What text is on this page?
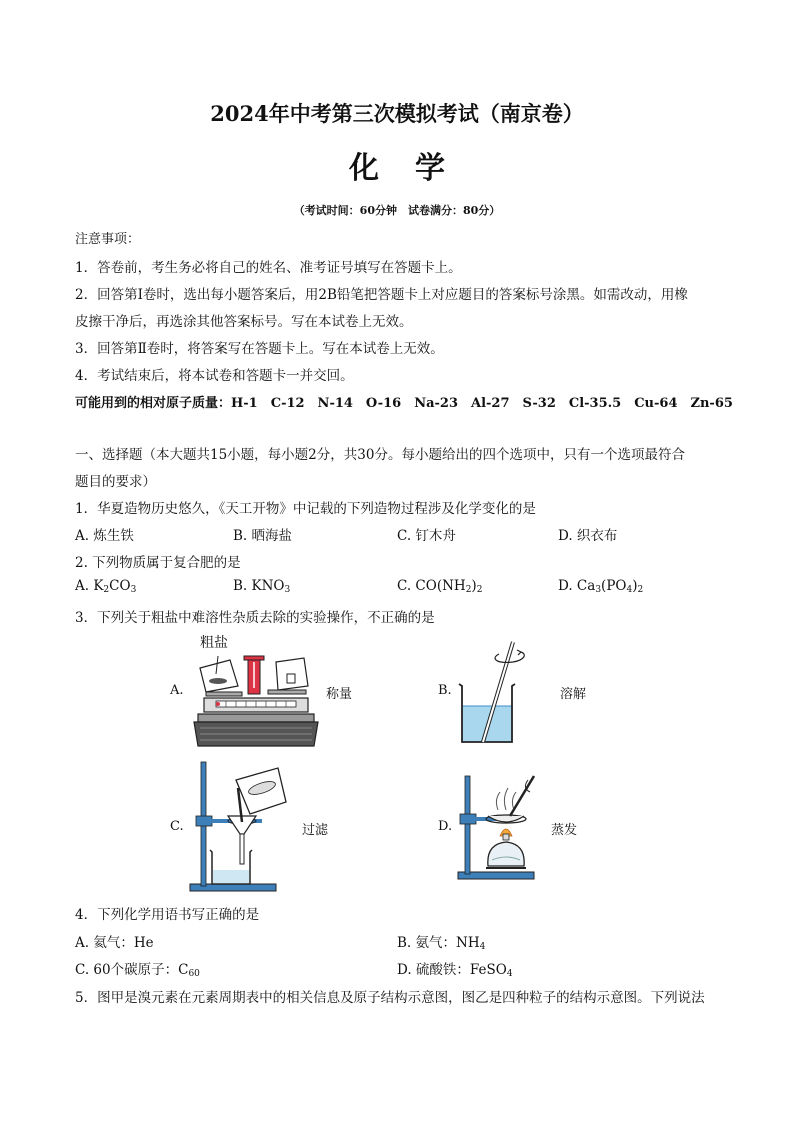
2024年中考第三次模拟考试（南京卷）
化学
（考试时间：60分钟　试卷满分：80分）
注意事项：
1．答卷前，考生务必将自己的姓名、准考证号填写在答题卡上。
2．回答第Ⅰ卷时，选出每小题答案后，用2B铅笔把答题卡上对应题目的答案标号涂黑。如需改动，用橡
皮擦干净后，再选涂其他答案标号。写在本试卷上无效。
3．回答第Ⅱ卷时，将答案写在答题卡上。写在本试卷上无效。
4．考试结束后，将本试卷和答题卡一并交回。
可能用到的相对原子质量：H-1　C-12　N-14　O-16　Na-23　Al-27　S-32　Cl-35.5　Cu-64　Zn-65
一、选择题（本大题共15小题，每小题2分，共30分。每小题给出的四个选项中，只有一个选项最符合
题目的要求）
1．华夏造物历史悠久，《天工开物》中记载的下列造物过程涉及化学变化的是
A. 炼生铁	B. 晒海盐	C. 钉木舟	D. 织衣布
2. 下列物质属于复合肥的是
A. $K_2CO_3$	B. $KNO_3$	C. $CO(NH_2)_2$	D. $Ca_3(PO_4)_2$
3．下列关于粗盐中难溶性杂质去除的实验操作，不正确的是
A.
粗盐
称量	B.	溶解
C.	过滤	D.	蒸发
4．下列化学用语书写正确的是
A. 氦气：He	B. 氨气：$NH_4$
C. 60个碳原子：$C_{60}$	D. 硫酸铁：FeSO$_4$
5．图甲是溴元素在元素周期表中的相关信息及原子结构示意图，图乙是四种粒子的结构示意图。下列说法
